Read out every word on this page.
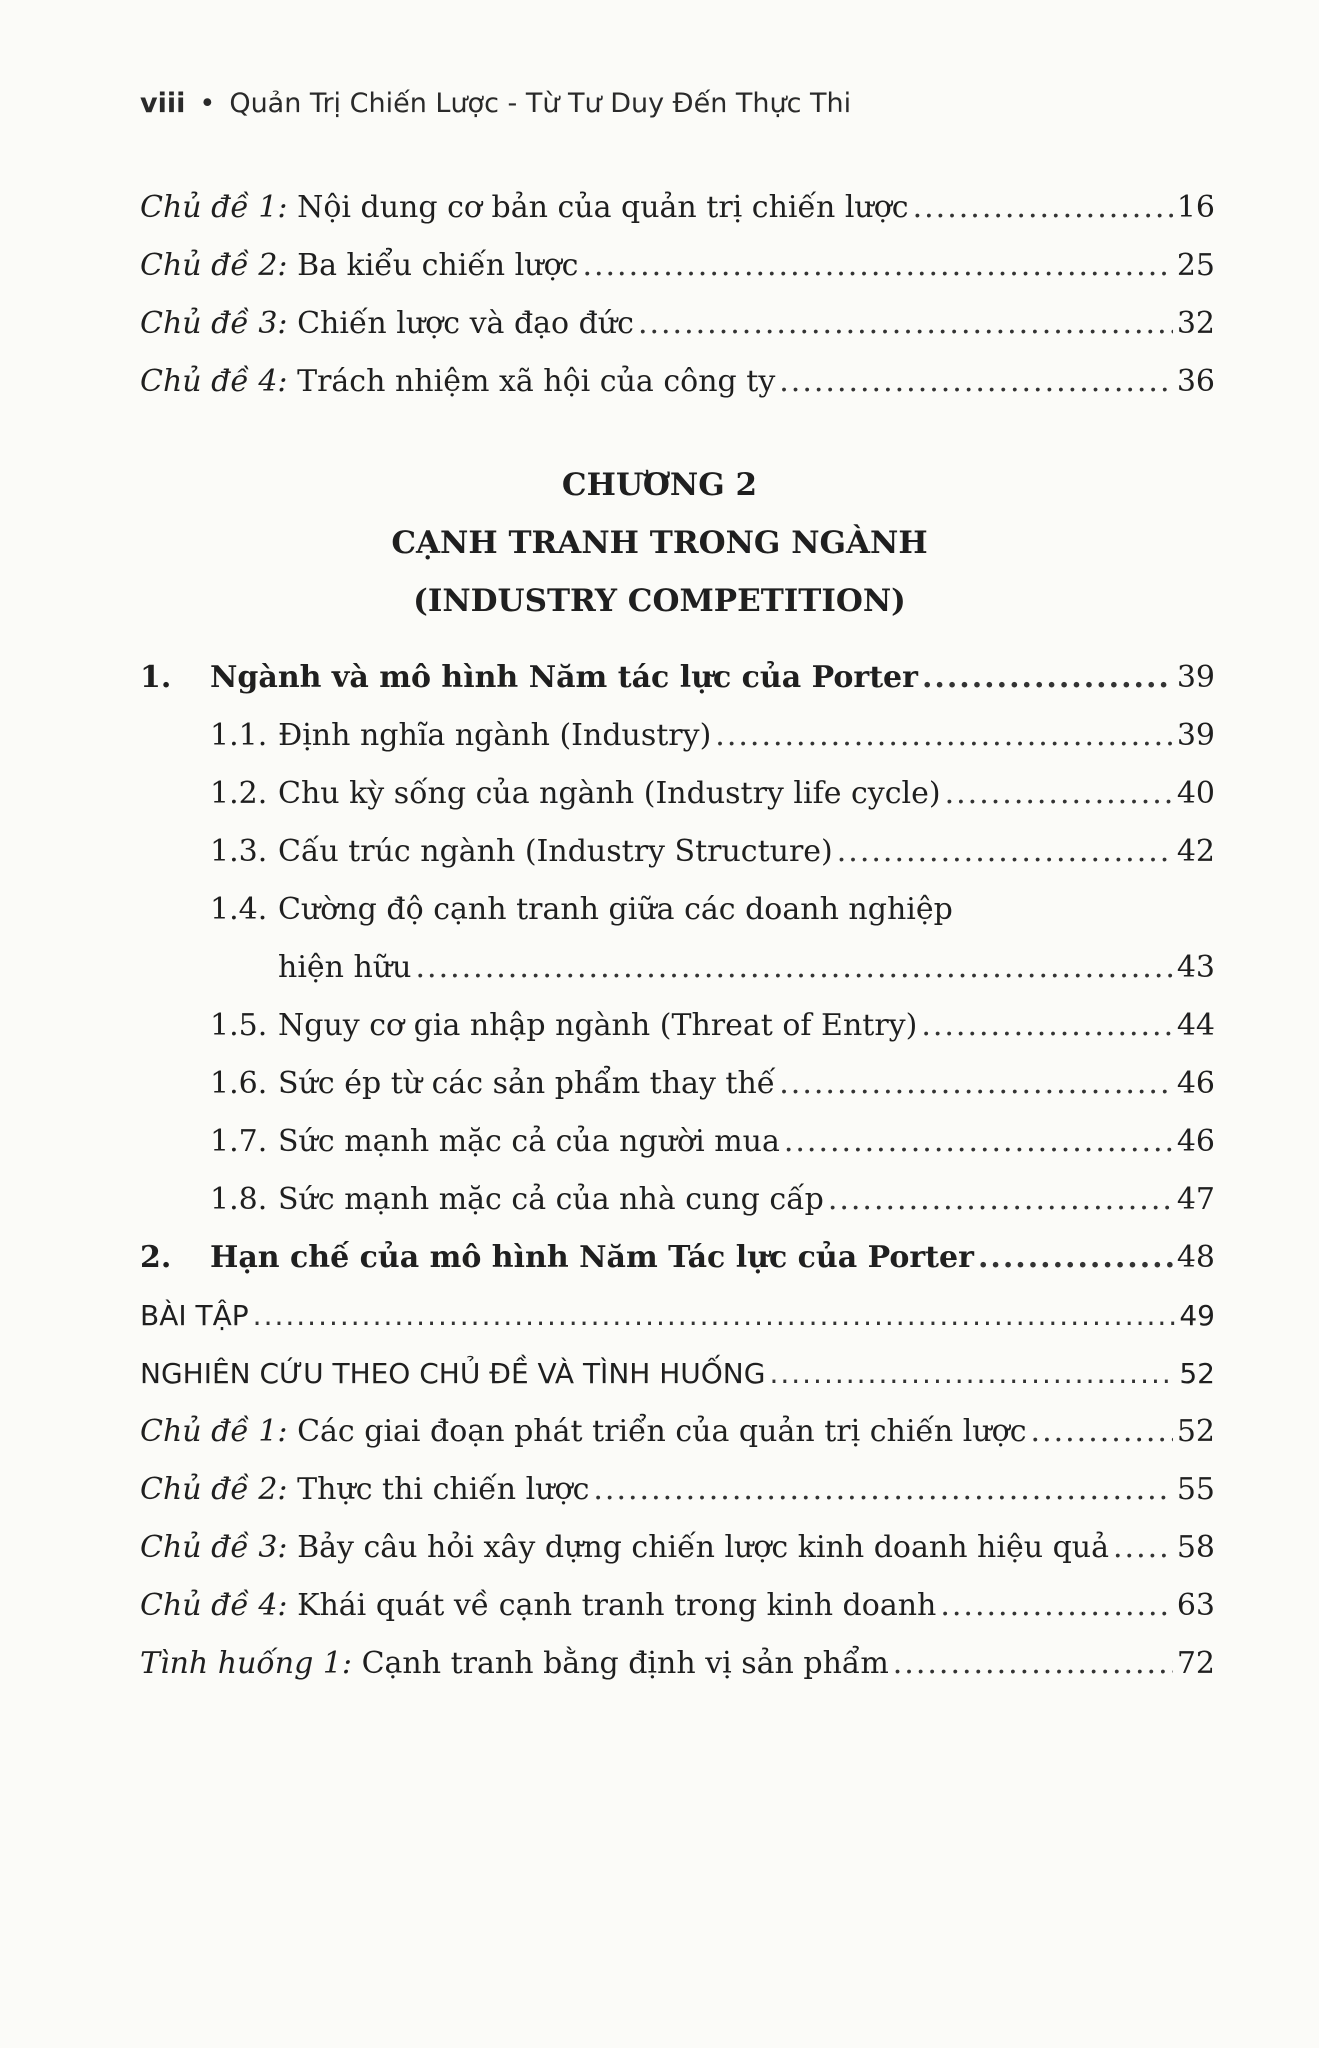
viii • Quản Trị Chiến Lược - Từ Tư Duy Đến Thực Thi
Chủ đề 1: Nội dung cơ bản của quản trị chiến lược .....	16
Chủ đề 2: Ba kiểu chiến lược .....	25
Chủ đề 3: Chiến lược và đạo đức .....	32
Chủ đề 4: Trách nhiệm xã hội của công ty .....	36
CHƯƠNG 2
CẠNH TRANH TRONG NGÀNH
(INDUSTRY COMPETITION)
1. Ngành và mô hình Năm tác lực của Porter .....	39
1.1. Định nghĩa ngành (Industry) .....	39
1.2. Chu kỳ sống của ngành (Industry life cycle) .....	40
1.3. Cấu trúc ngành (Industry Structure) .....	42
1.4. Cường độ cạnh tranh giữa các doanh nghiệp
hiện hữu .....	43
1.5. Nguy cơ gia nhập ngành (Threat of Entry) .....	44
1.6. Sức ép từ các sản phẩm thay thế .....	46
1.7. Sức mạnh mặc cả của người mua .....	46
1.8. Sức mạnh mặc cả của nhà cung cấp .....	47
2. Hạn chế của mô hình Năm Tác lực của Porter .....	48
BÀI TẬP .....	49
NGHIÊN CỨU THEO CHỦ ĐỀ VÀ TÌNH HUỐNG .....	52
Chủ đề 1: Các giai đoạn phát triển của quản trị chiến lược .....	52
Chủ đề 2: Thực thi chiến lược .....	55
Chủ đề 3: Bảy câu hỏi xây dựng chiến lược kinh doanh hiệu quả ..... 58
Chủ đề 4: Khái quát về cạnh tranh trong kinh doanh .....	63
Tình huống 1: Cạnh tranh bằng định vị sản phẩm .....	72
